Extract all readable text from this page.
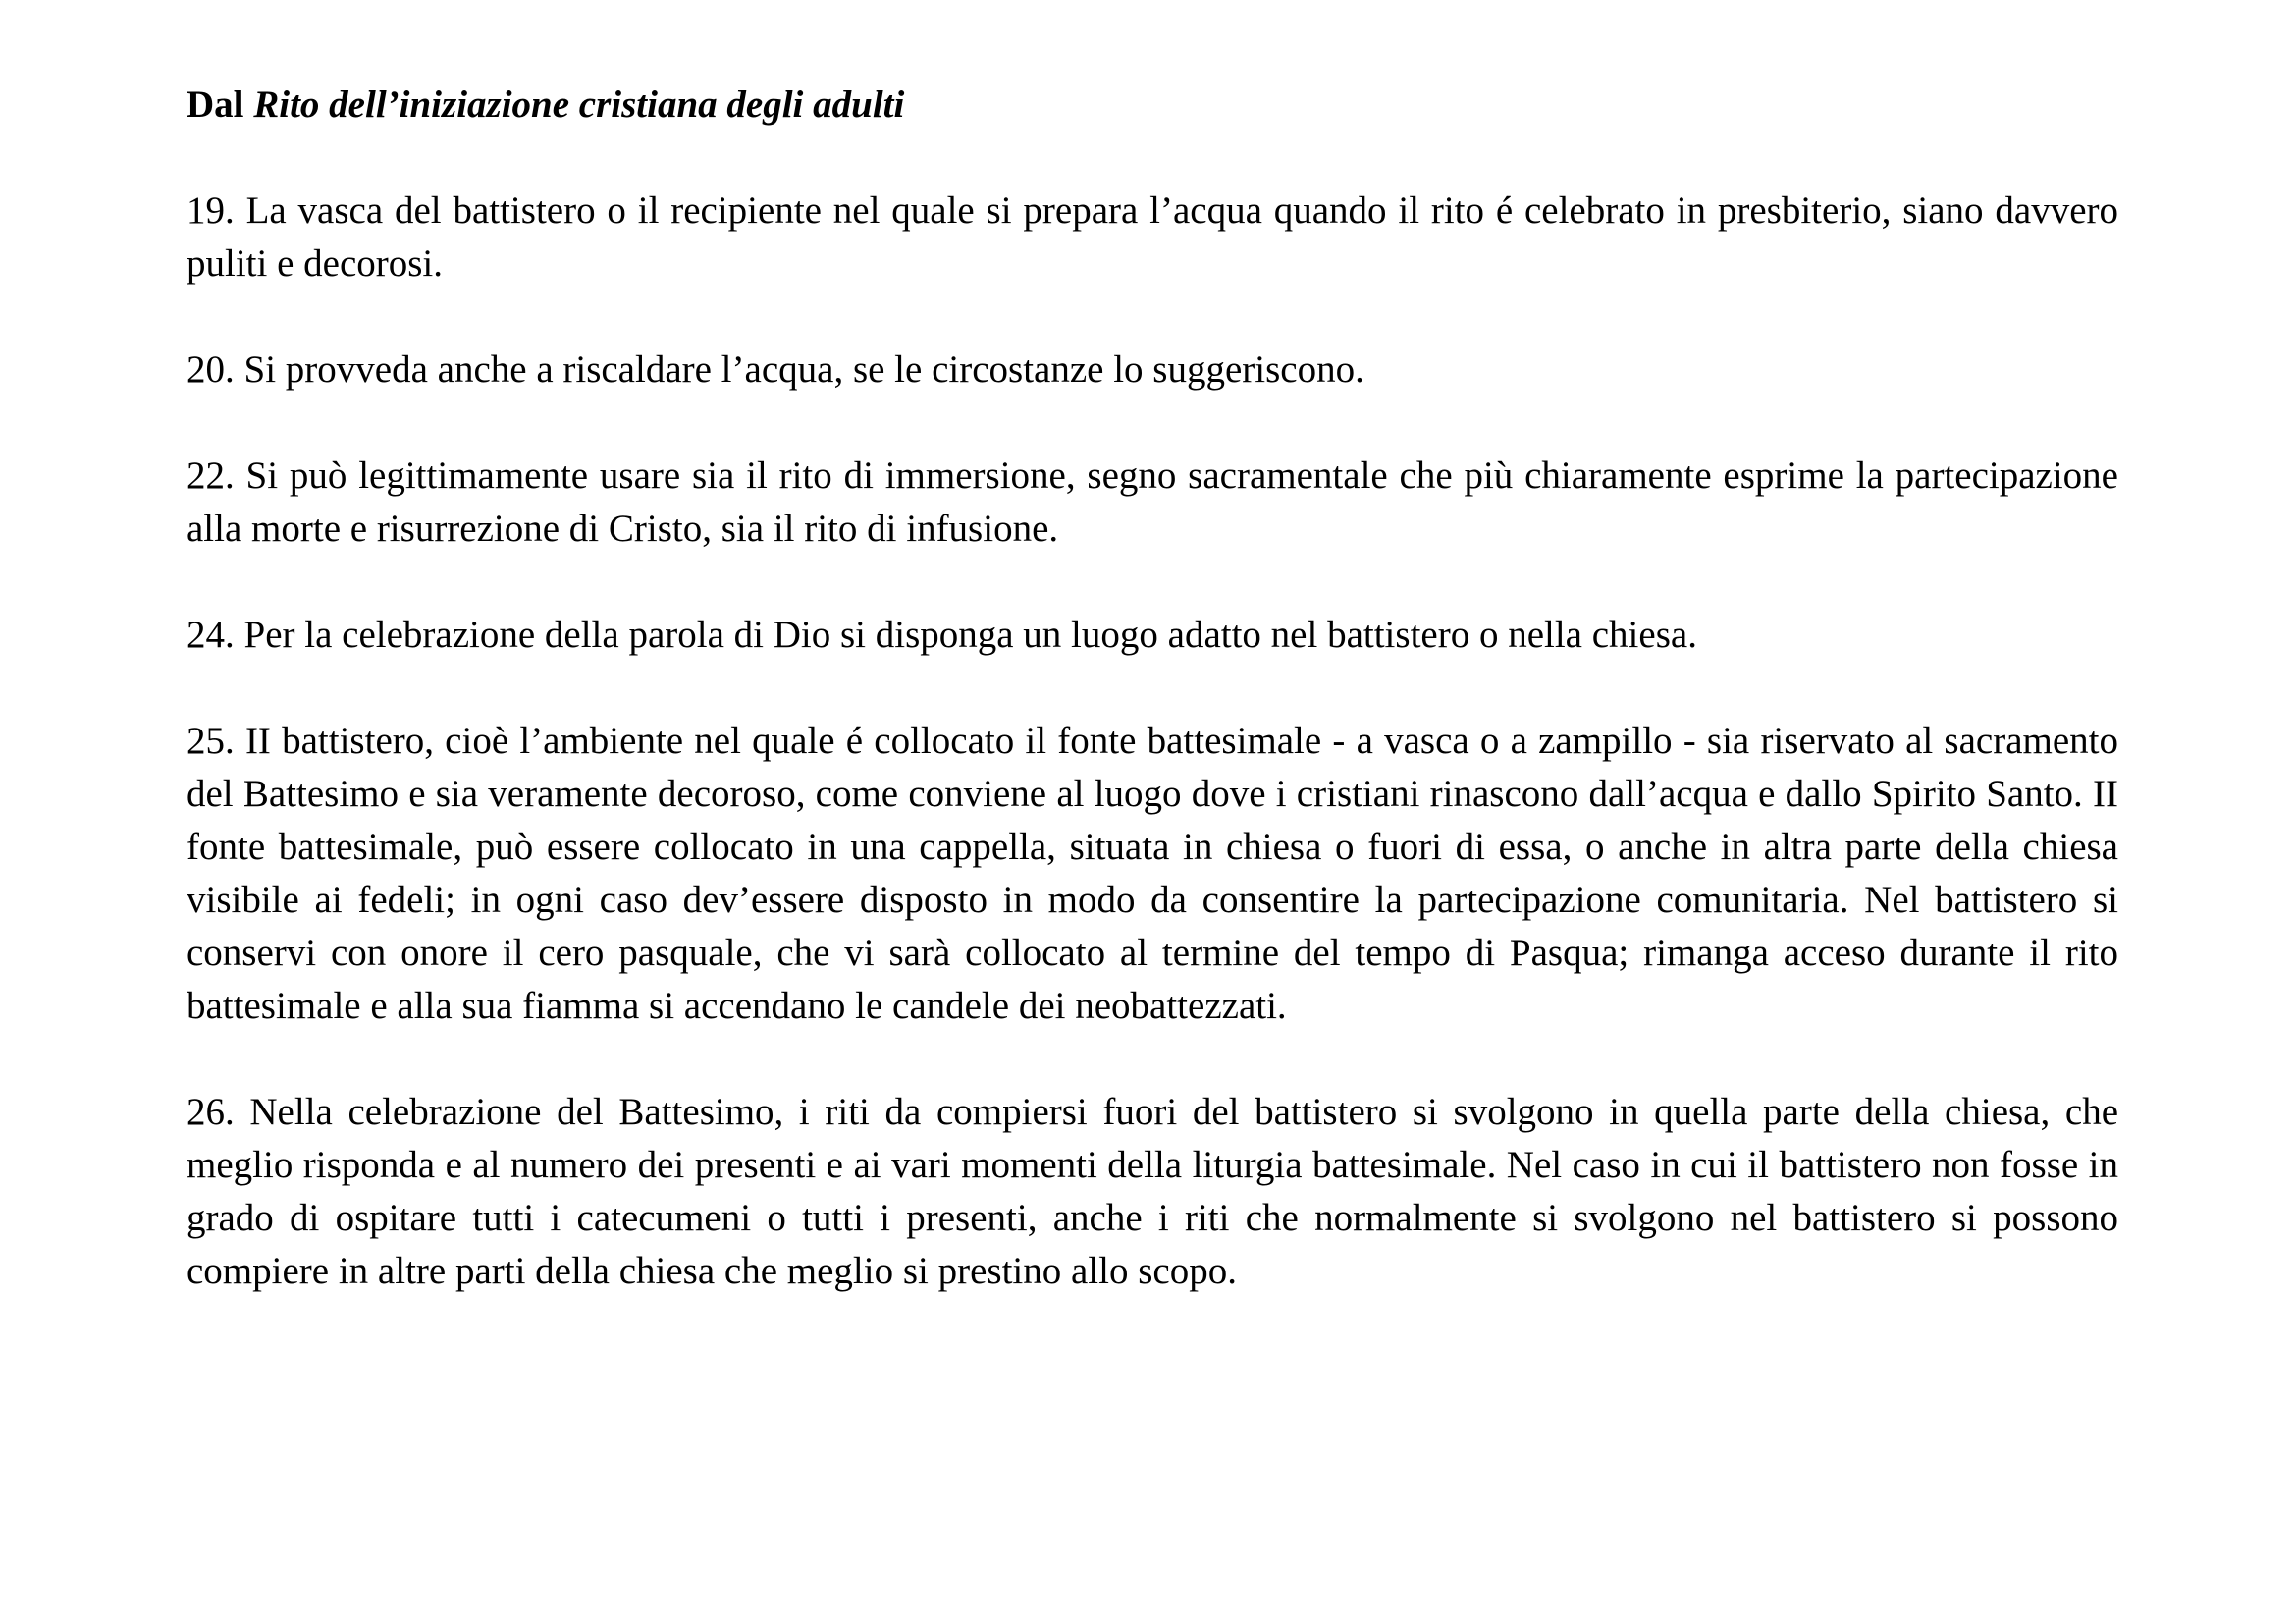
Dal Rito dell’iniziazione cristiana degli adulti

19. La vasca del battistero o il recipiente nel quale si prepara l’acqua quando il rito é celebrato in presbiterio, siano davvero puliti e decorosi.

20. Si provveda anche a riscaldare l’acqua, se le circostanze lo suggeriscono.

22. Si può legittimamente usare sia il rito di immersione, segno sacramentale che più chiaramente esprime la partecipazione alla morte e risurrezione di Cristo, sia il rito di infusione.

24. Per la celebrazione della parola di Dio si disponga un luogo adatto nel battistero o nella chiesa.

25. II battistero, cioè l’ambiente nel quale é collocato il fonte battesimale - a vasca o a zampillo - sia riservato al sacramento del Battesimo e sia veramente decoroso, come conviene al luogo dove i cristiani rinascono dall’acqua e dallo Spirito Santo. II fonte battesimale, può essere collocato in una cappella, situata in chiesa o fuori di essa, o anche in altra parte della chiesa visibile ai fedeli; in ogni caso dev’essere disposto in modo da consentire la partecipazione comunitaria. Nel battistero si conservi con onore il cero pasquale, che vi sarà collocato al termine del tempo di Pasqua; rimanga acceso durante il rito battesimale e alla sua fiamma si accendano le candele dei neobattezzati.

26. Nella celebrazione del Battesimo, i riti da compiersi fuori del battistero si svolgono in quella parte della chiesa, che meglio risponda e al numero dei presenti e ai vari momenti della liturgia battesimale. Nel caso in cui il battistero non fosse in grado di ospitare tutti i catecumeni o tutti i presenti, anche i riti che normalmente si svolgono nel battistero si possono compiere in altre parti della chiesa che meglio si prestino allo scopo.
